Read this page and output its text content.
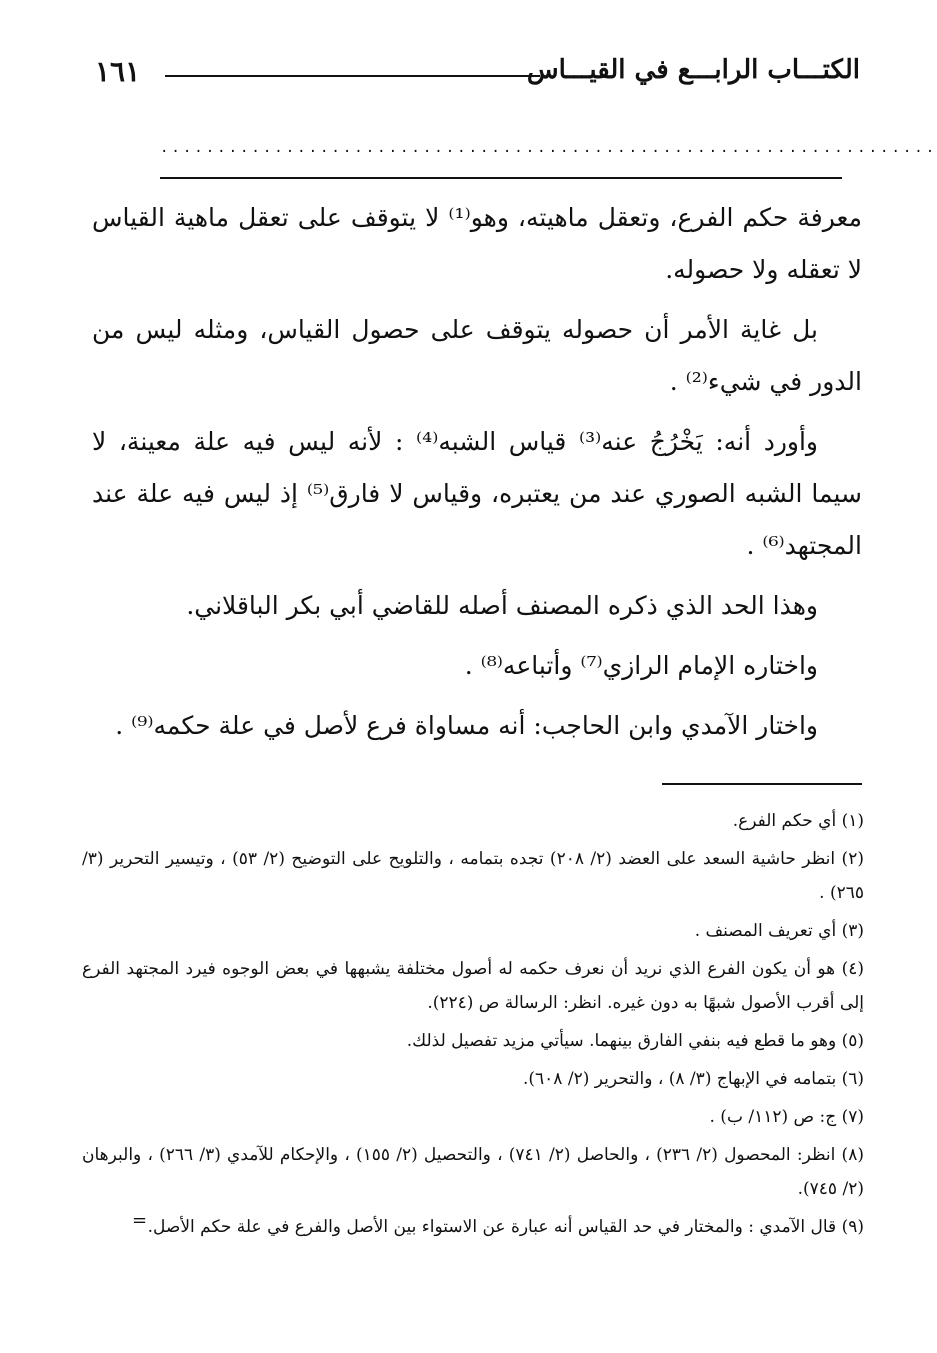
الكتـــاب الرابـــع في القيـــاس
١٦١
....................................................................

معرفة حكم الفرع، وتعقل ماهيته، وهو⁽¹⁾ لا يتوقف على تعقل ماهية القياس لا تعقله ولا حصوله.

بل غاية الأمر أن حصوله يتوقف على حصول القياس، ومثله ليس من الدور في شيء⁽²⁾ .

وأورد أنه: يَخْرُجُ عنه⁽³⁾ قياس الشبه⁽⁴⁾ : لأنه ليس فيه علة معينة، لا سيما الشبه الصوري عند من يعتبره، وقياس لا فارق⁽⁵⁾ إذ ليس فيه علة عند المجتهد⁽⁶⁾ .

وهذا الحد الذي ذكره المصنف أصله للقاضي أبي بكر الباقلاني.

واختاره الإمام الرازي⁽⁷⁾ وأتباعه⁽⁸⁾ .

واختار الآمدي وابن الحاجب: أنه مساواة فرع لأصل في علة حكمه⁽⁹⁾ .

(١) أي حكم الفرع.

(٢) انظر حاشية السعد على العضد (٢/ ٢٠٨) تجده بتمامه ، والتلويح على التوضيح (٢/ ٥٣) ، وتيسير التحرير (٣/ ٢٦٥) .

(٣) أي تعريف المصنف .

(٤) هو أن يكون الفرع الذي نريد أن نعرف حكمه له أصول مختلفة يشبهها في بعض الوجوه فيرد المجتهد الفرع إلى أقرب الأصول شبهًا به دون غيره. انظر: الرسالة ص (٢٢٤).

(٥) وهو ما قطع فيه بنفي الفارق بينهما. سيأتي مزيد تفصيل لذلك.

(٦) بتمامه في الإبهاج (٣/ ٨) ، والتحرير (٢/ ٦٠٨).

(٧) ج: ص (١١٢/ ب) .

(٨) انظر: المحصول (٢/ ٢٣٦) ، والحاصل (٢/ ٧٤١) ، والتحصيل (٢/ ١٥٥) ، والإحكام للآمدي (٣/ ٢٦٦) ، والبرهان (٢/ ٧٤٥).

(٩) قال الآمدي : والمختار في حد القياس أنه عبارة عن الاستواء بين الأصل والفرع في علة حكم الأصل.

=
